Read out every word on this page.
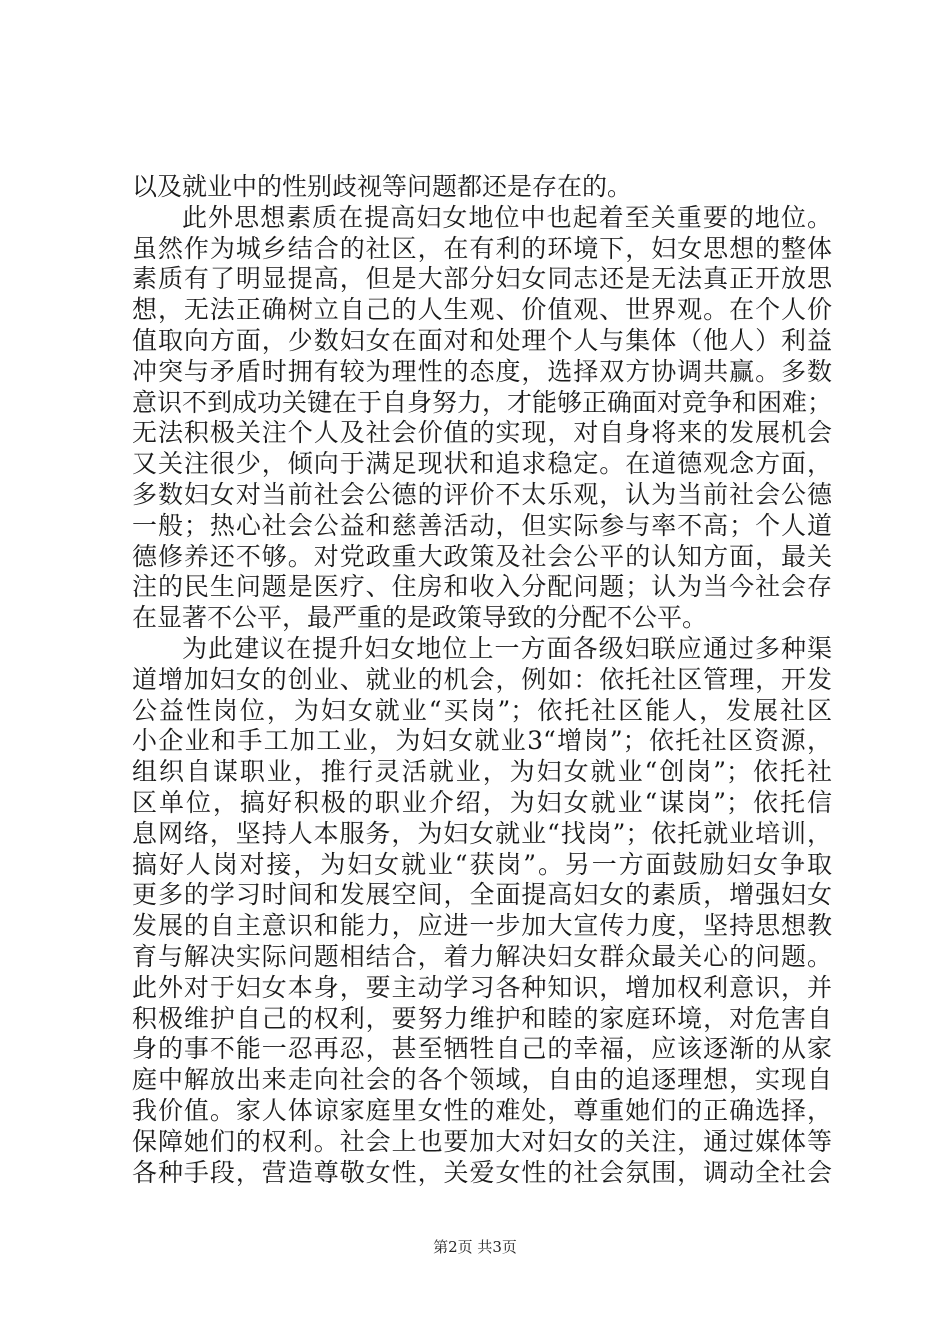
以及就业中的性别歧视等问题都还是存在的。
此外思想素质在提高妇女地位中也起着至关重要的地位。
虽然作为城乡结合的社区，在有利的环境下，妇女思想的整体
素质有了明显提高，但是大部分妇女同志还是无法真正开放思
想，无法正确树立自己的人生观、价值观、世界观。在个人价
值取向方面，少数妇女在面对和处理个人与集体（他人）利益
冲突与矛盾时拥有较为理性的态度，选择双方协调共赢。多数
意识不到成功关键在于自身努力，才能够正确面对竞争和困难；
无法积极关注个人及社会价值的实现，对自身将来的发展机会
又关注很少，倾向于满足现状和追求稳定。在道德观念方面，
多数妇女对当前社会公德的评价不太乐观，认为当前社会公德
一般；热心社会公益和慈善活动，但实际参与率不高；个人道
德修养还不够。对党政重大政策及社会公平的认知方面，最关
注的民生问题是医疗、住房和收入分配问题；认为当今社会存
在显著不公平，最严重的是政策导致的分配不公平。
为此建议在提升妇女地位上一方面各级妇联应通过多种渠
道增加妇女的创业、就业的机会，例如：依托社区管理，开发
公益性岗位，为妇女就业“买岗”；依托社区能人，发展社区
小企业和手工加工业，为妇女就业3“增岗”；依托社区资源，
组织自谋职业，推行灵活就业，为妇女就业“创岗”；依托社
区单位，搞好积极的职业介绍，为妇女就业“谋岗”；依托信
息网络，坚持人本服务，为妇女就业“找岗”；依托就业培训，
搞好人岗对接，为妇女就业“获岗”。另一方面鼓励妇女争取
更多的学习时间和发展空间，全面提高妇女的素质，增强妇女
发展的自主意识和能力，应进一步加大宣传力度，坚持思想教
育与解决实际问题相结合，着力解决妇女群众最关心的问题。
此外对于妇女本身，要主动学习各种知识，增加权利意识，并
积极维护自己的权利，要努力维护和睦的家庭环境，对危害自
身的事不能一忍再忍，甚至牺牲自己的幸福，应该逐渐的从家
庭中解放出来走向社会的各个领域，自由的追逐理想，实现自
我价值。家人体谅家庭里女性的难处，尊重她们的正确选择，
保障她们的权利。社会上也要加大对妇女的关注，通过媒体等
各种手段，营造尊敬女性，关爱女性的社会氛围，调动全社会
第2页 共3页
